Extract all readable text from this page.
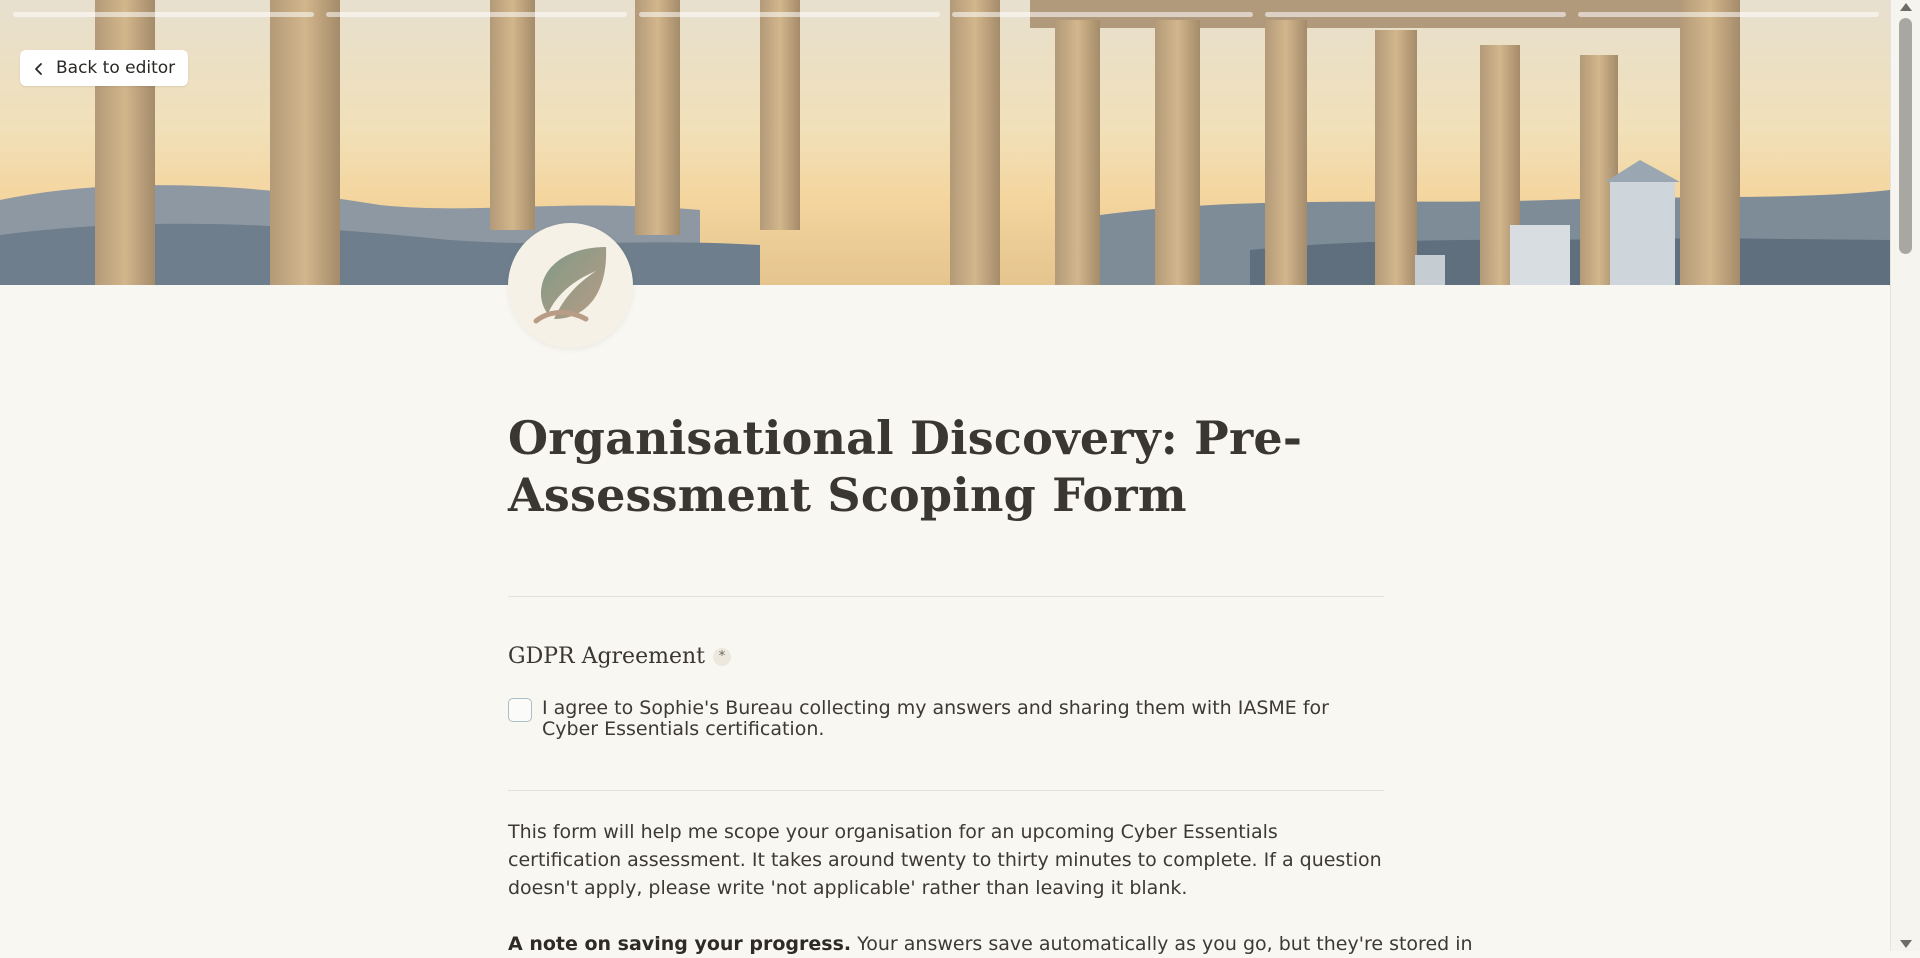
Back to editor
Organisational Discovery: Pre-Assessment Scoping Form
GDPR Agreement	*
I agree to Sophie's Bureau collecting my answers and sharing them with IASME for Cyber Essentials certification.

This form will help me scope your organisation for an upcoming Cyber Essentials certification assessment. It takes around twenty to thirty minutes to complete. If a question doesn't apply, please write 'not applicable' rather than leaving it blank.

A note on saving your progress. Your answers save automatically as you go, but they're stored in
